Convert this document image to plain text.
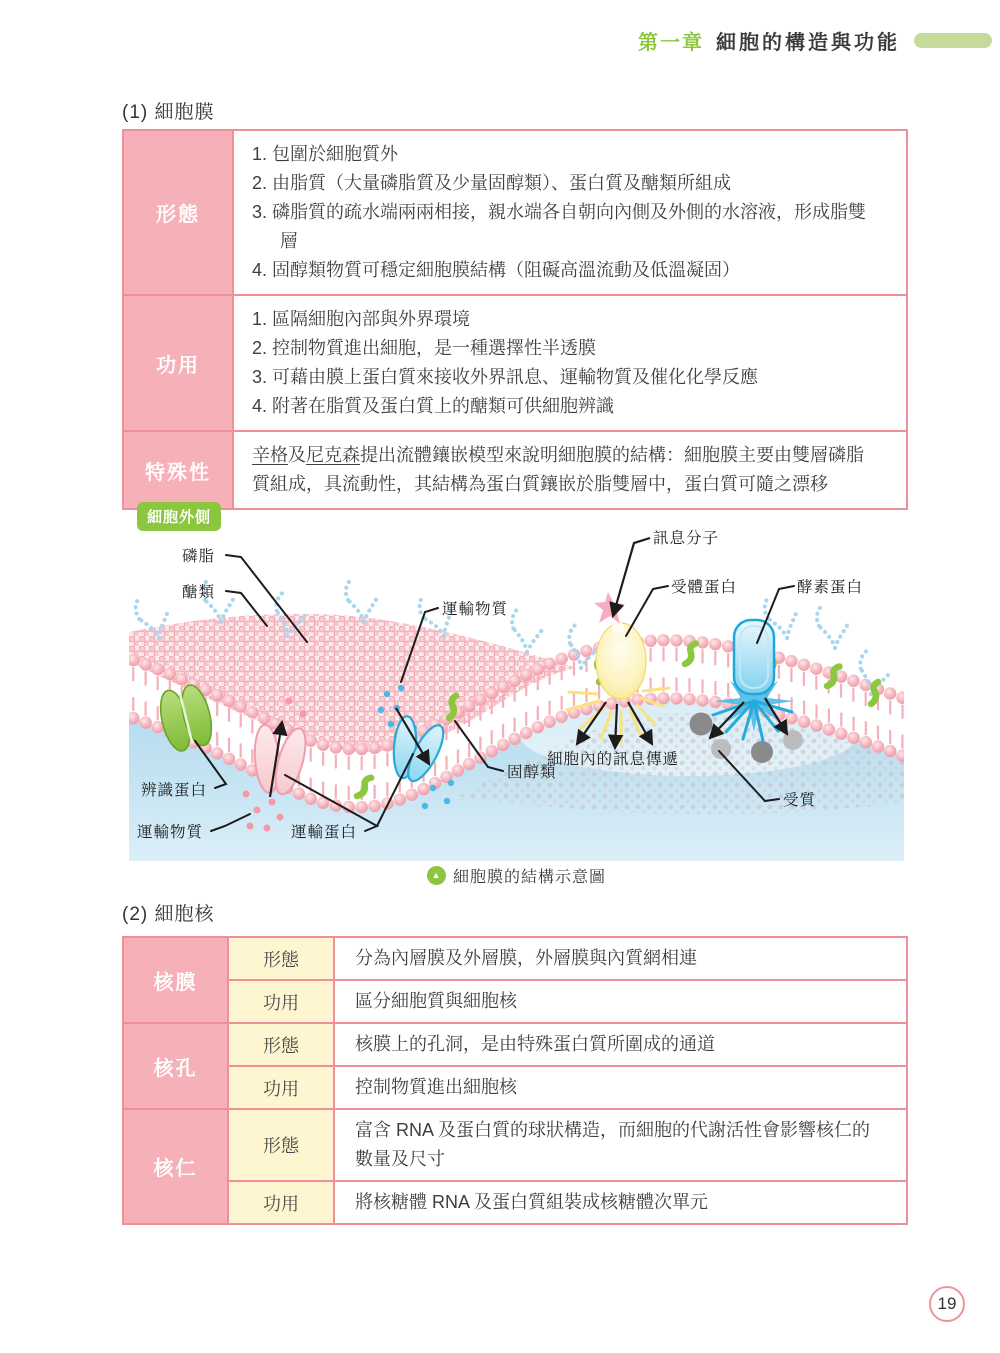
第一章 細胞的構造與功能
(1) 細胞膜
形態
1. 包圍於細胞質外
2. 由脂質（大量磷脂質及少量固醇類）、蛋白質及醣類所組成
3. 磷脂質的疏水端兩兩相接，親水端各自朝向內側及外側的水溶液，形成脂雙層
4. 固醇類物質可穩定細胞膜結構（阻礙高溫流動及低溫凝固）
功用
1. 區隔細胞內部與外界環境
2. 控制物質進出細胞，是一種選擇性半透膜
3. 可藉由膜上蛋白質來接收外界訊息、運輸物質及催化化學反應
4. 附著在脂質及蛋白質上的醣類可供細胞辨識
特殊性
辛格及尼克森提出流體鑲嵌模型來說明細胞膜的結構：細胞膜主要由雙層磷脂質組成，具流動性，其結構為蛋白質鑲嵌於脂雙層中，蛋白質可隨之漂移
磷脂
醣類
運輸物質
訊息分子
受體蛋白	酵素蛋白
細胞內的訊息傳遞
固醇類
辨識蛋白
運輸物質	運輸蛋白
受質
細胞外側
▲ 細胞膜的結構示意圖
(2) 細胞核
核膜
形態	分為內層膜及外層膜，外層膜與內質網相連
功用	區分細胞質與細胞核
核孔
形態	核膜上的孔洞，是由特殊蛋白質所圍成的通道
功用	控制物質進出細胞核
核仁
形態
富含 RNA 及蛋白質的球狀構造，而細胞的代謝活性會影響核仁的數量及尺寸
功用	將核糖體 RNA 及蛋白質組裝成核糖體次單元
19
